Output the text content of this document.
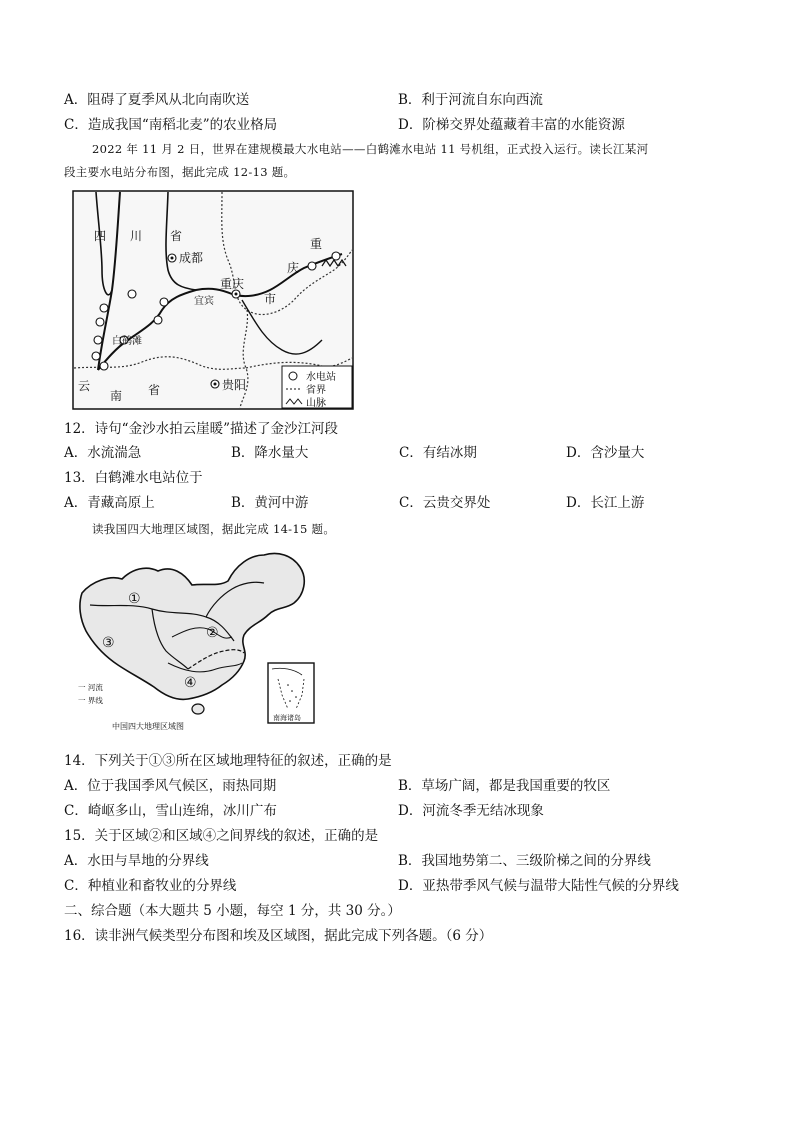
A．阻碍了夏季风从北向南吹送	B．利于河流自东向西流
C．造成我国“南稻北麦”的农业格局	D．阶梯交界处蕴藏着丰富的水能资源
2022 年 11 月 2 日，世界在建规模最大水电站——白鹤滩水电站 11 号机组，正式投入运行。读长江某河
段主要水电站分布图，据此完成 12-13 题。
四 川 省
成都
重庆
重
庆
市
宜宾
白鹤滩
云
南 省	贵阳
水电站
省界
山脉
12．诗句“金沙水拍云崖暖”描述了金沙江河段
A．水流湍急	B．降水量大	C．有结冰期	D．含沙量大
13．白鹤滩水电站位于
A．青藏高原上	B．黄河中游	C．云贵交界处	D．长江上游
读我国四大地理区域图，据此完成 14-15 题。
①
②
③
④
一 河流
一 界线
中国四大地理区域图
南海诸岛
14．下列关于①③所在区域地理特征的叙述，正确的是
A．位于我国季风气候区，雨热同期	B．草场广阔，都是我国重要的牧区
C．崎岖多山，雪山连绵，冰川广布	D．河流冬季无结冰现象
15．关于区域②和区域④之间界线的叙述，正确的是
A．水田与旱地的分界线	B．我国地势第二、三级阶梯之间的分界线
C．种植业和畜牧业的分界线	D．亚热带季风气候与温带大陆性气候的分界线
二、综合题（本大题共 5 小题，每空 1 分，共 30 分。）
16．读非洲气候类型分布图和埃及区域图，据此完成下列各题。（6 分）
